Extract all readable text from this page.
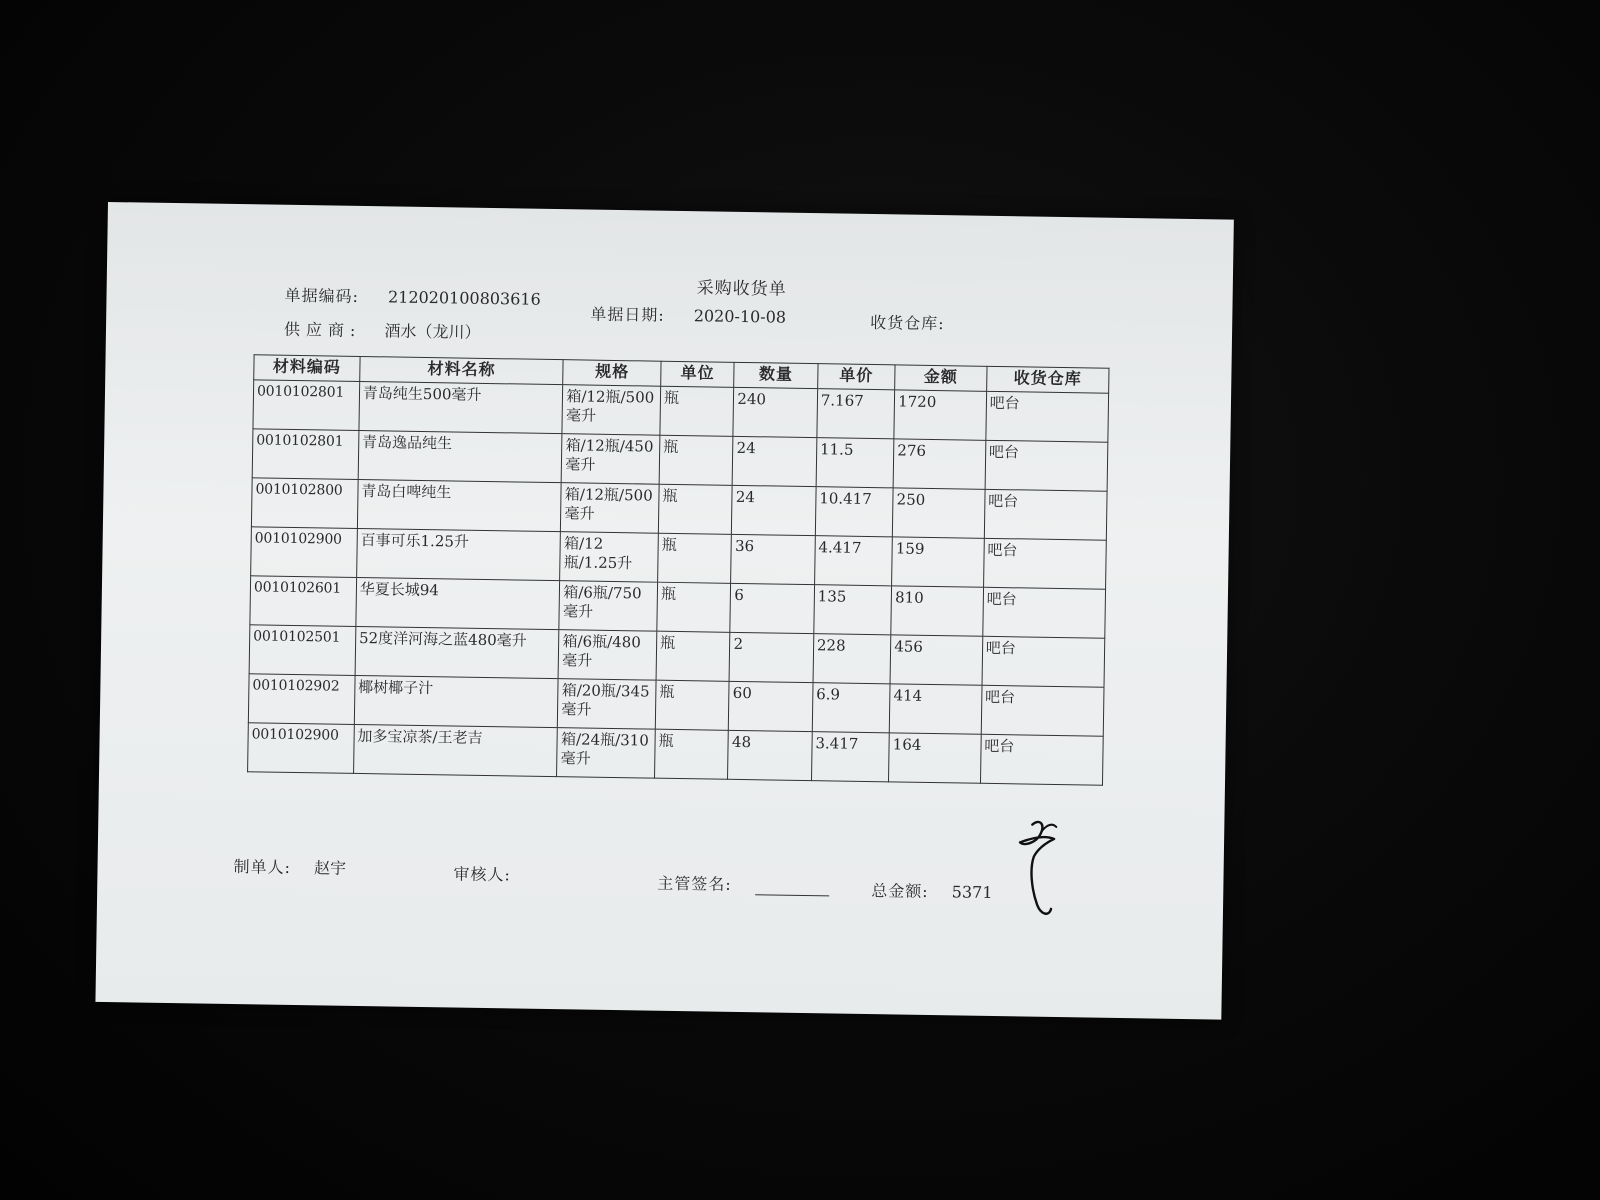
采购收货单
单据编码: 212020100803616
单据日期: 2020-10-08	收货仓库:
供应商: 酒水（龙川）
材料编码	材料名称	规格	单位	数量	单价	金额	收货仓库
0010102801	青岛纯生500毫升	箱/12瓶/500毫升	瓶	240	7.167	1720	吧台
0010102801	青岛逸品纯生	箱/12瓶/450毫升	瓶	24	11.5	276	吧台
0010102800	青岛白啤纯生	箱/12瓶/500毫升	瓶	24	10.417	250	吧台
0010102900	百事可乐1.25升	箱/12瓶/1.25升	瓶	36	4.417	159	吧台
0010102601	华夏长城94	箱/6瓶/750毫升	瓶	6	135	810	吧台
0010102501	52度洋河海之蓝480毫升	箱/6瓶/480毫升	瓶	2	228	456	吧台
0010102902	椰树椰子汁	箱/20瓶/345毫升	瓶	60	6.9	414	吧台
0010102900	加多宝凉茶/王老吉	箱/24瓶/310毫升	瓶	48	3.417	164	吧台
制单人: 赵宇	审核人:	主管签名:	总金额: 5371
